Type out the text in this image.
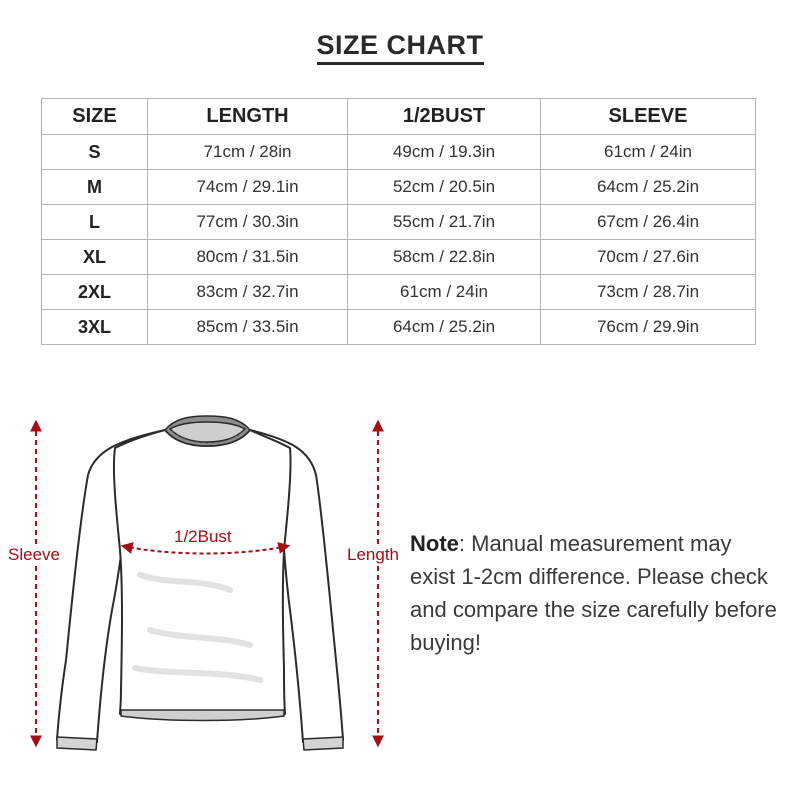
SIZE CHART
SIZE	LENGTH	1/2BUST	SLEEVE
S	71cm / 28in	49cm / 19.3in	61cm / 24in
M	74cm / 29.1in	52cm / 20.5in	64cm / 25.2in
L	77cm / 30.3in	55cm / 21.7in	67cm / 26.4in
XL	80cm / 31.5in	58cm / 22.8in	70cm / 27.6in
2XL	83cm / 32.7in	61cm / 24in	73cm / 28.7in
3XL	85cm / 33.5in	64cm / 25.2in	76cm / 29.9in
Sleeve
1/2Bust
Length Note: Manual measurement may exist 1-2cm difference. Please check and compare the size carefully before buying!
